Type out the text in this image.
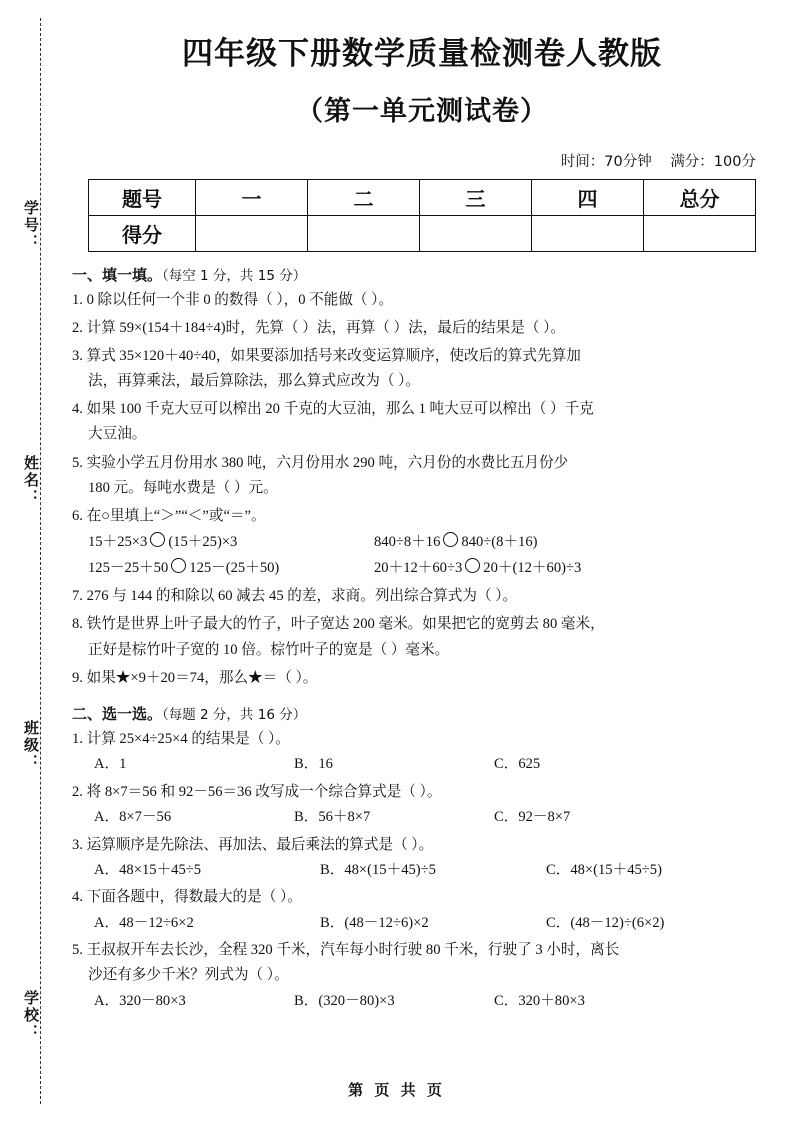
学号：
姓名：
班级：
学校：
四年级下册数学质量检测卷人教版
（第一单元测试卷）
时间：70分钟 满分：100分
题号	一	二	三	四	总分
得分					
一、填一填。（每空 1 分，共 15 分）
1. 0 除以任何一个非 0 的数得（ ），0 不能做（ ）。
2. 计算 59×(154＋184÷4)时，先算（ ）法，再算（ ）法，最后的结果是（ ）。
3. 算式 35×120＋40÷40，如果要添加括号来改变运算顺序，使改后的算式先算加
法，再算乘法，最后算除法，那么算式应改为（ ）。
4. 如果 100 千克大豆可以榨出 20 千克的大豆油，那么 1 吨大豆可以榨出（ ）千克
大豆油。
5. 实验小学五月份用水 380 吨，六月份用水 290 吨，六月份的水费比五月份少
180 元。每吨水费是（ ）元。
6. 在○里填上“＞”“＜”或“＝”。
15＋25×3 (15＋25)×3	840÷8＋16 840÷(8＋16)
125－25＋50 125－(25＋50)	20＋12＋60÷3 20＋(12＋60)÷3
7. 276 与 144 的和除以 60 减去 45 的差，求商。列出综合算式为（ ）。
8. 铁竹是世界上叶子最大的竹子，叶子宽达 200 毫米。如果把它的宽剪去 80 毫米，
正好是棕竹叶子宽的 10 倍。棕竹叶子的宽是（ ）毫米。
9. 如果★×9＋20＝74，那么★＝（ ）。
二、选一选。（每题 2 分，共 16 分）
1. 计算 25×4÷25×4 的结果是（ ）。
A．1	B．16	C．625
2. 将 8×7＝56 和 92－56＝36 改写成一个综合算式是（ ）。
A．8×7－56	B．56＋8×7	C．92－8×7
3. 运算顺序是先除法、再加法、最后乘法的算式是（ ）。
A．48×15＋45÷5	B．48×(15＋45)÷5	C．48×(15＋45÷5)
4. 下面各题中，得数最大的是（ ）。
A．48－12÷6×2	B．(48－12÷6)×2	C．(48－12)÷(6×2)
5. 王叔叔开车去长沙，全程 320 千米，汽车每小时行驶 80 千米，行驶了 3 小时，离长
沙还有多少千米？列式为（ ）。
A．320－80×3	B．(320－80)×3	C．320＋80×3
第 页 共 页
